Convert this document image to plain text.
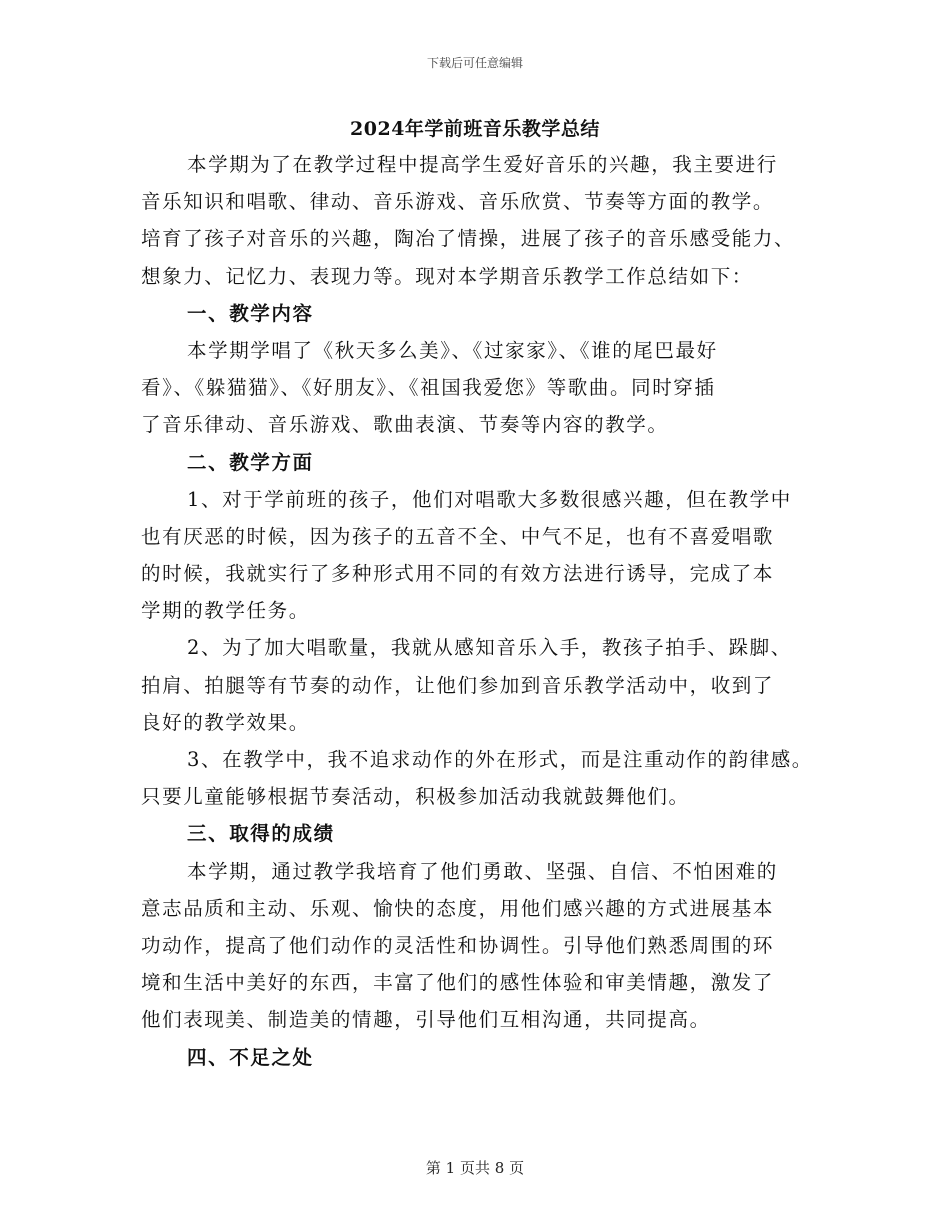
下载后可任意编辑
2024年学前班音乐教学总结
本学期为了在教学过程中提高学生爱好音乐的兴趣，我主要进行
音乐知识和唱歌、律动、音乐游戏、音乐欣赏、节奏等方面的教学。
培育了孩子对音乐的兴趣，陶冶了情操，进展了孩子的音乐感受能力、
想象力、记忆力、表现力等。现对本学期音乐教学工作总结如下：
一、教学内容
本学期学唱了《秋天多么美》、《过家家》、《谁的尾巴最好
看》、《躲猫猫》、《好朋友》、《祖国我爱您》等歌曲。同时穿插
了音乐律动、音乐游戏、歌曲表演、节奏等内容的教学。
二、教学方面
1、对于学前班的孩子，他们对唱歌大多数很感兴趣，但在教学中
也有厌恶的时候，因为孩子的五音不全、中气不足，也有不喜爱唱歌
的时候，我就实行了多种形式用不同的有效方法进行诱导，完成了本
学期的教学任务。
2、为了加大唱歌量，我就从感知音乐入手，教孩子拍手、跺脚、
拍肩、拍腿等有节奏的动作，让他们参加到音乐教学活动中，收到了
良好的教学效果。
3、在教学中，我不追求动作的外在形式，而是注重动作的韵律感。
只要儿童能够根据节奏活动，积极参加活动我就鼓舞他们。
三、取得的成绩
本学期，通过教学我培育了他们勇敢、坚强、自信、不怕困难的
意志品质和主动、乐观、愉快的态度，用他们感兴趣的方式进展基本
功动作，提高了他们动作的灵活性和协调性。引导他们熟悉周围的环
境和生活中美好的东西，丰富了他们的感性体验和审美情趣，激发了
他们表现美、制造美的情趣，引导他们互相沟通，共同提高。
四、不足之处
第 1 页共 8 页
